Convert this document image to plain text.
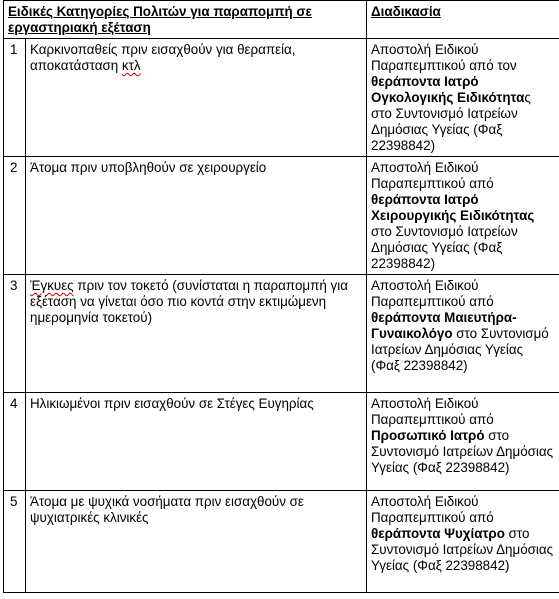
Ειδικές Κατηγορίες Πολιτών για παραπομπή σε εργαστηριακή εξέταση		Διαδικασία
1	Καρκινοπαθείς πριν εισαχθούν για θεραπεία, αποκατάσταση κτλ	Αποστολή Ειδικού Παραπεμπτικού από τον θεράποντα Ιατρό Ογκολογικής Ειδικότητας στο Συντονισμό Ιατρείων Δημόσιας Υγείας (Φαξ 22398842)
2	Άτομα πριν υποβληθούν σε χειρουργείο	Αποστολή Ειδικού Παραπεμπτικού από θεράποντα Ιατρό Χειρουργικής Ειδικότητας στο Συντονισμό Ιατρείων Δημόσιας Υγείας (Φαξ 22398842)
3	Έγκυες πριν τον τοκετό (συνίσταται η παραπομπή για εξέταση να γίνεται όσο πιο κοντά στην εκτιμώμενη ημερομηνία τοκετού)	Αποστολή Ειδικού Παραπεμπτικού από θεράποντα Μαιευτήρα-Γυναικολόγο στο Συντονισμό Ιατρείων Δημόσιας Υγείας (Φαξ 22398842)
4	Ηλικιωμένοι πριν εισαχθούν σε Στέγες Ευγηρίας	Αποστολή Ειδικού Παραπεμπτικού από Προσωπικό Ιατρό στο Συντονισμό Ιατρείων Δημόσιας Υγείας (Φαξ 22398842)
5	Άτομα με ψυχικά νοσήματα πριν εισαχθούν σε ψυχιατρικές κλινικές	Αποστολή Ειδικού Παραπεμπτικού από θεράποντα Ψυχίατρο στο Συντονισμό Ιατρείων Δημόσιας Υγείας (Φαξ 22398842)
